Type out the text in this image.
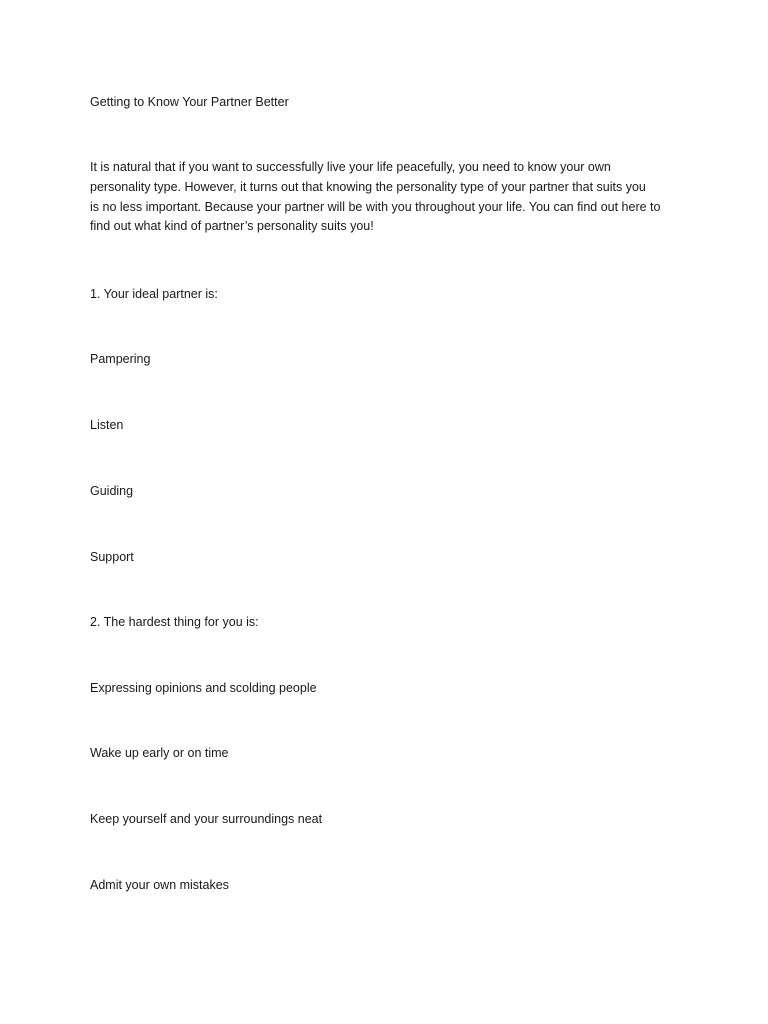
Getting to Know Your Partner Better

It is natural that if you want to successfully live your life peacefully, you need to know your own
personality type. However, it turns out that knowing the personality type of your partner that suits you
is no less important. Because your partner will be with you throughout your life. You can find out here to
find out what kind of partner’s personality suits you!

1. Your ideal partner is:

Pampering

Listen

Guiding

Support

2. The hardest thing for you is:

Expressing opinions and scolding people

Wake up early or on time

Keep yourself and your surroundings neat

Admit your own mistakes
